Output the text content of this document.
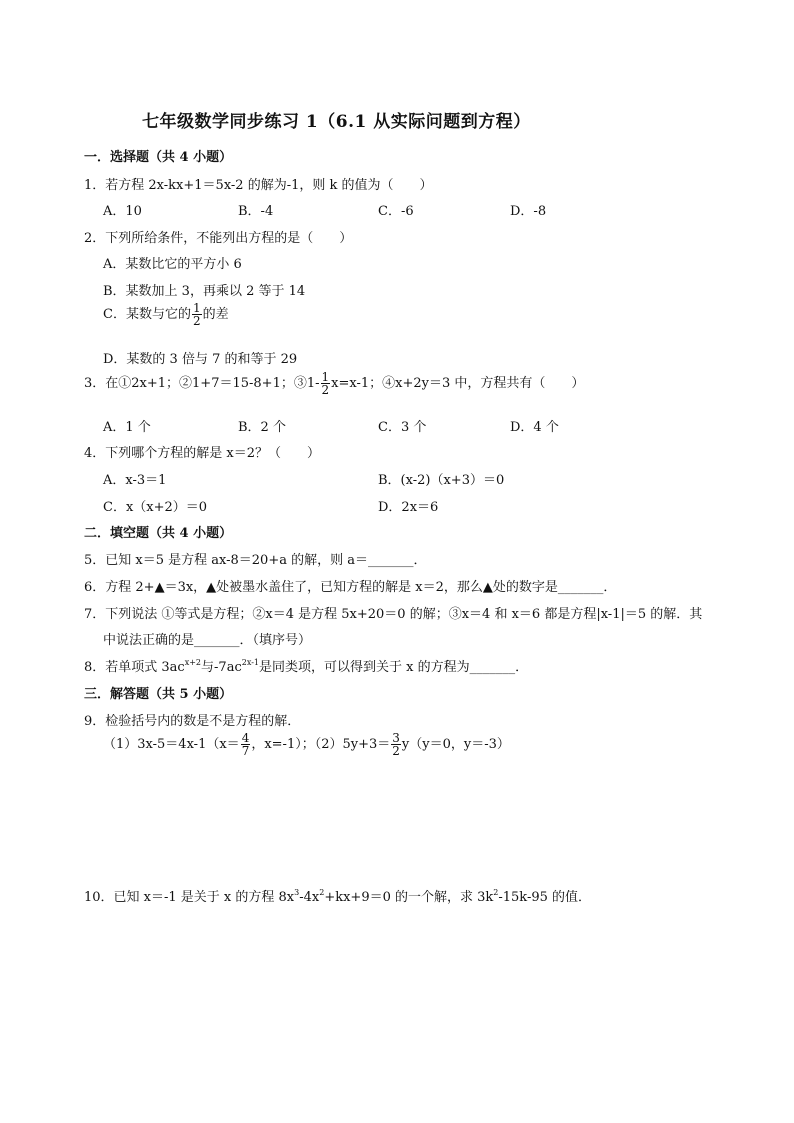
七年级数学同步练习 1（6.1 从实际问题到方程）
一．选择题（共 4 小题）
1．若方程 2x-kx+1＝5x-2 的解为-1，则 k 的值为（　　）
A．10	B．-4	C．-6	D．-8
2．下列所给条件，不能列出方程的是（　　）
A．某数比它的平方小 6
B．某数加上 3，再乘以 2 等于 14
C．某数与它的 $\frac{1}{2}$ 的差
D．某数的 3 倍与 7 的和等于 29
3．在①2x+1；②1+7＝15-8+1；③1- $\frac{1}{2} x=x-1$；④x+2y＝3 中，方程共有（　　）
A．1 个	B．2 个	C．3 个	D．4 个
4．下列哪个方程的解是 x＝2？（　　）
A．x-3＝1	B．(x-2)（x+3）＝0
C．x（x+2）＝0	D．2x＝6
二．填空题（共 4 小题）
5．已知 x＝5 是方程 ax-8＝20+a 的解，则 a＝_______．
6．方程 2+▲＝3x，▲处被墨水盖住了，已知方程的解是 x＝2，那么▲处的数字是_______．
7．下列说法 ①等式是方程；②x＝4 是方程 5x+20＝0 的解；③x＝4 和 x＝6 都是方程|x-1|＝5 的解．其
中说法正确的是_______．（填序号）
8．若单项式 $3ac^{x+2}$与$-7ac^{2x-1}$是同类项，可以得到关于 x 的方程为_______．
三．解答题（共 5 小题）
9．检验括号内的数是不是方程的解．
$(1)3x-5=4x-1(x= \frac{4}{7}$ ，x=-1）；$(2)5y+3= \frac{3}{2} y(y=0$，y＝-3）
10．已知 x＝-1 是关于 x 的方程 $8x^3-4x^2+kx+9=0$ 的一个解，求 $3k^2-15k-95$ 的值．
